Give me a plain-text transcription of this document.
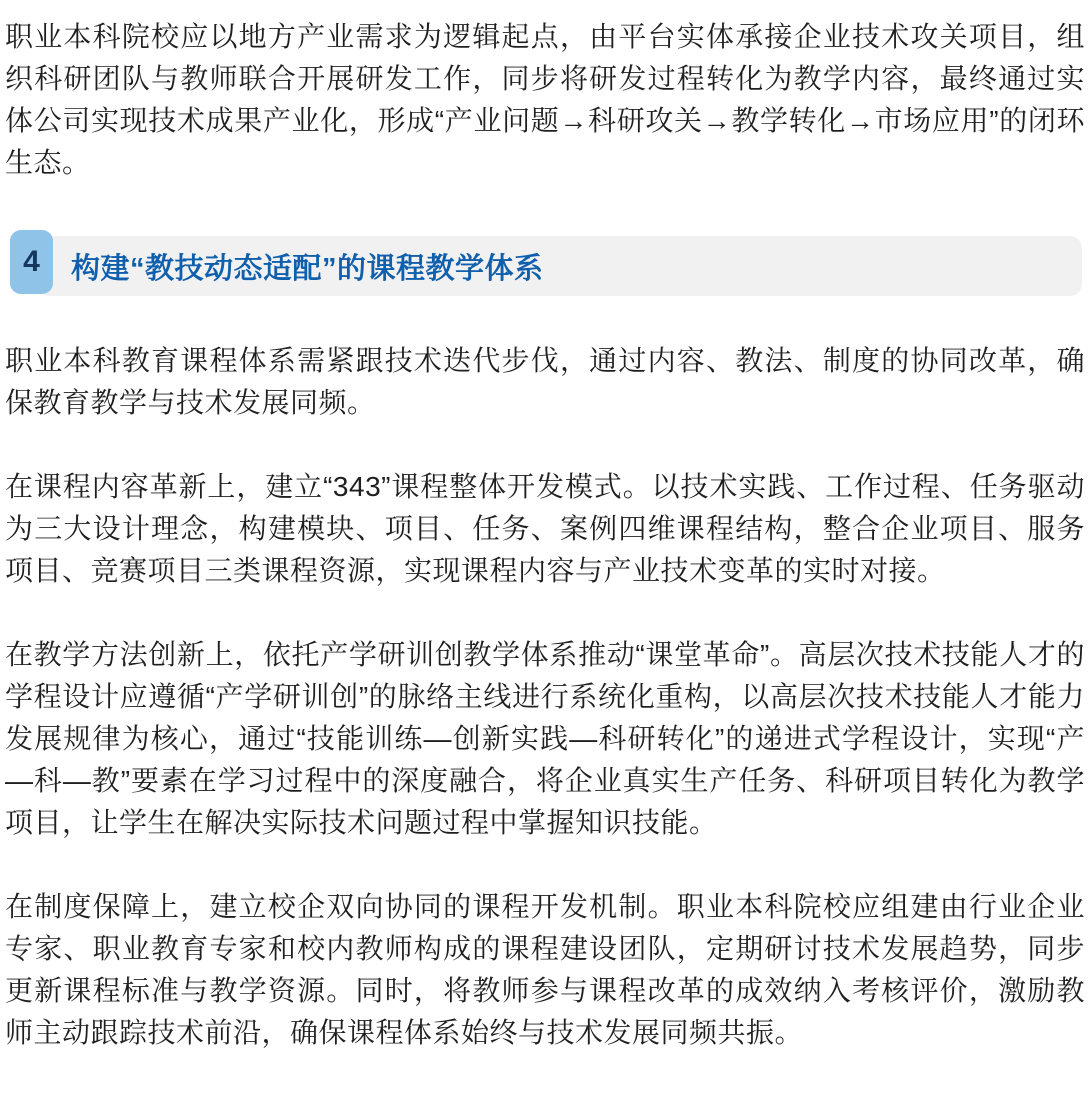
职业本科院校应以地方产业需求为逻辑起点，由平台实体承接企业技术攻关项目，组织科研团队与教师联合开展研发工作，同步将研发过程转化为教学内容，最终通过实体公司实现技术成果产业化，形成“产业问题→科研攻关→教学转化→市场应用”的闭环生态。

4	构建“教技动态适配”的课程教学体系

职业本科教育课程体系需紧跟技术迭代步伐，通过内容、教法、制度的协同改革，确保教育教学与技术发展同频。

在课程内容革新上，建立“343”课程整体开发模式。以技术实践、工作过程、任务驱动为三大设计理念，构建模块、项目、任务、案例四维课程结构，整合企业项目、服务项目、竞赛项目三类课程资源，实现课程内容与产业技术变革的实时对接。

在教学方法创新上，依托产学研训创教学体系推动“课堂革命”。高层次技术技能人才的学程设计应遵循“产学研训创”的脉络主线进行系统化重构，以高层次技术技能人才能力发展规律为核心，通过“技能训练—创新实践—科研转化”的递进式学程设计，实现“产—科—教”要素在学习过程中的深度融合，将企业真实生产任务、科研项目转化为教学项目，让学生在解决实际技术问题过程中掌握知识技能。

在制度保障上，建立校企双向协同的课程开发机制。职业本科院校应组建由行业企业专家、职业教育专家和校内教师构成的课程建设团队，定期研讨技术发展趋势，同步更新课程标准与教学资源。同时，将教师参与课程改革的成效纳入考核评价，激励教师主动跟踪技术前沿，确保课程体系始终与技术发展同频共振。
